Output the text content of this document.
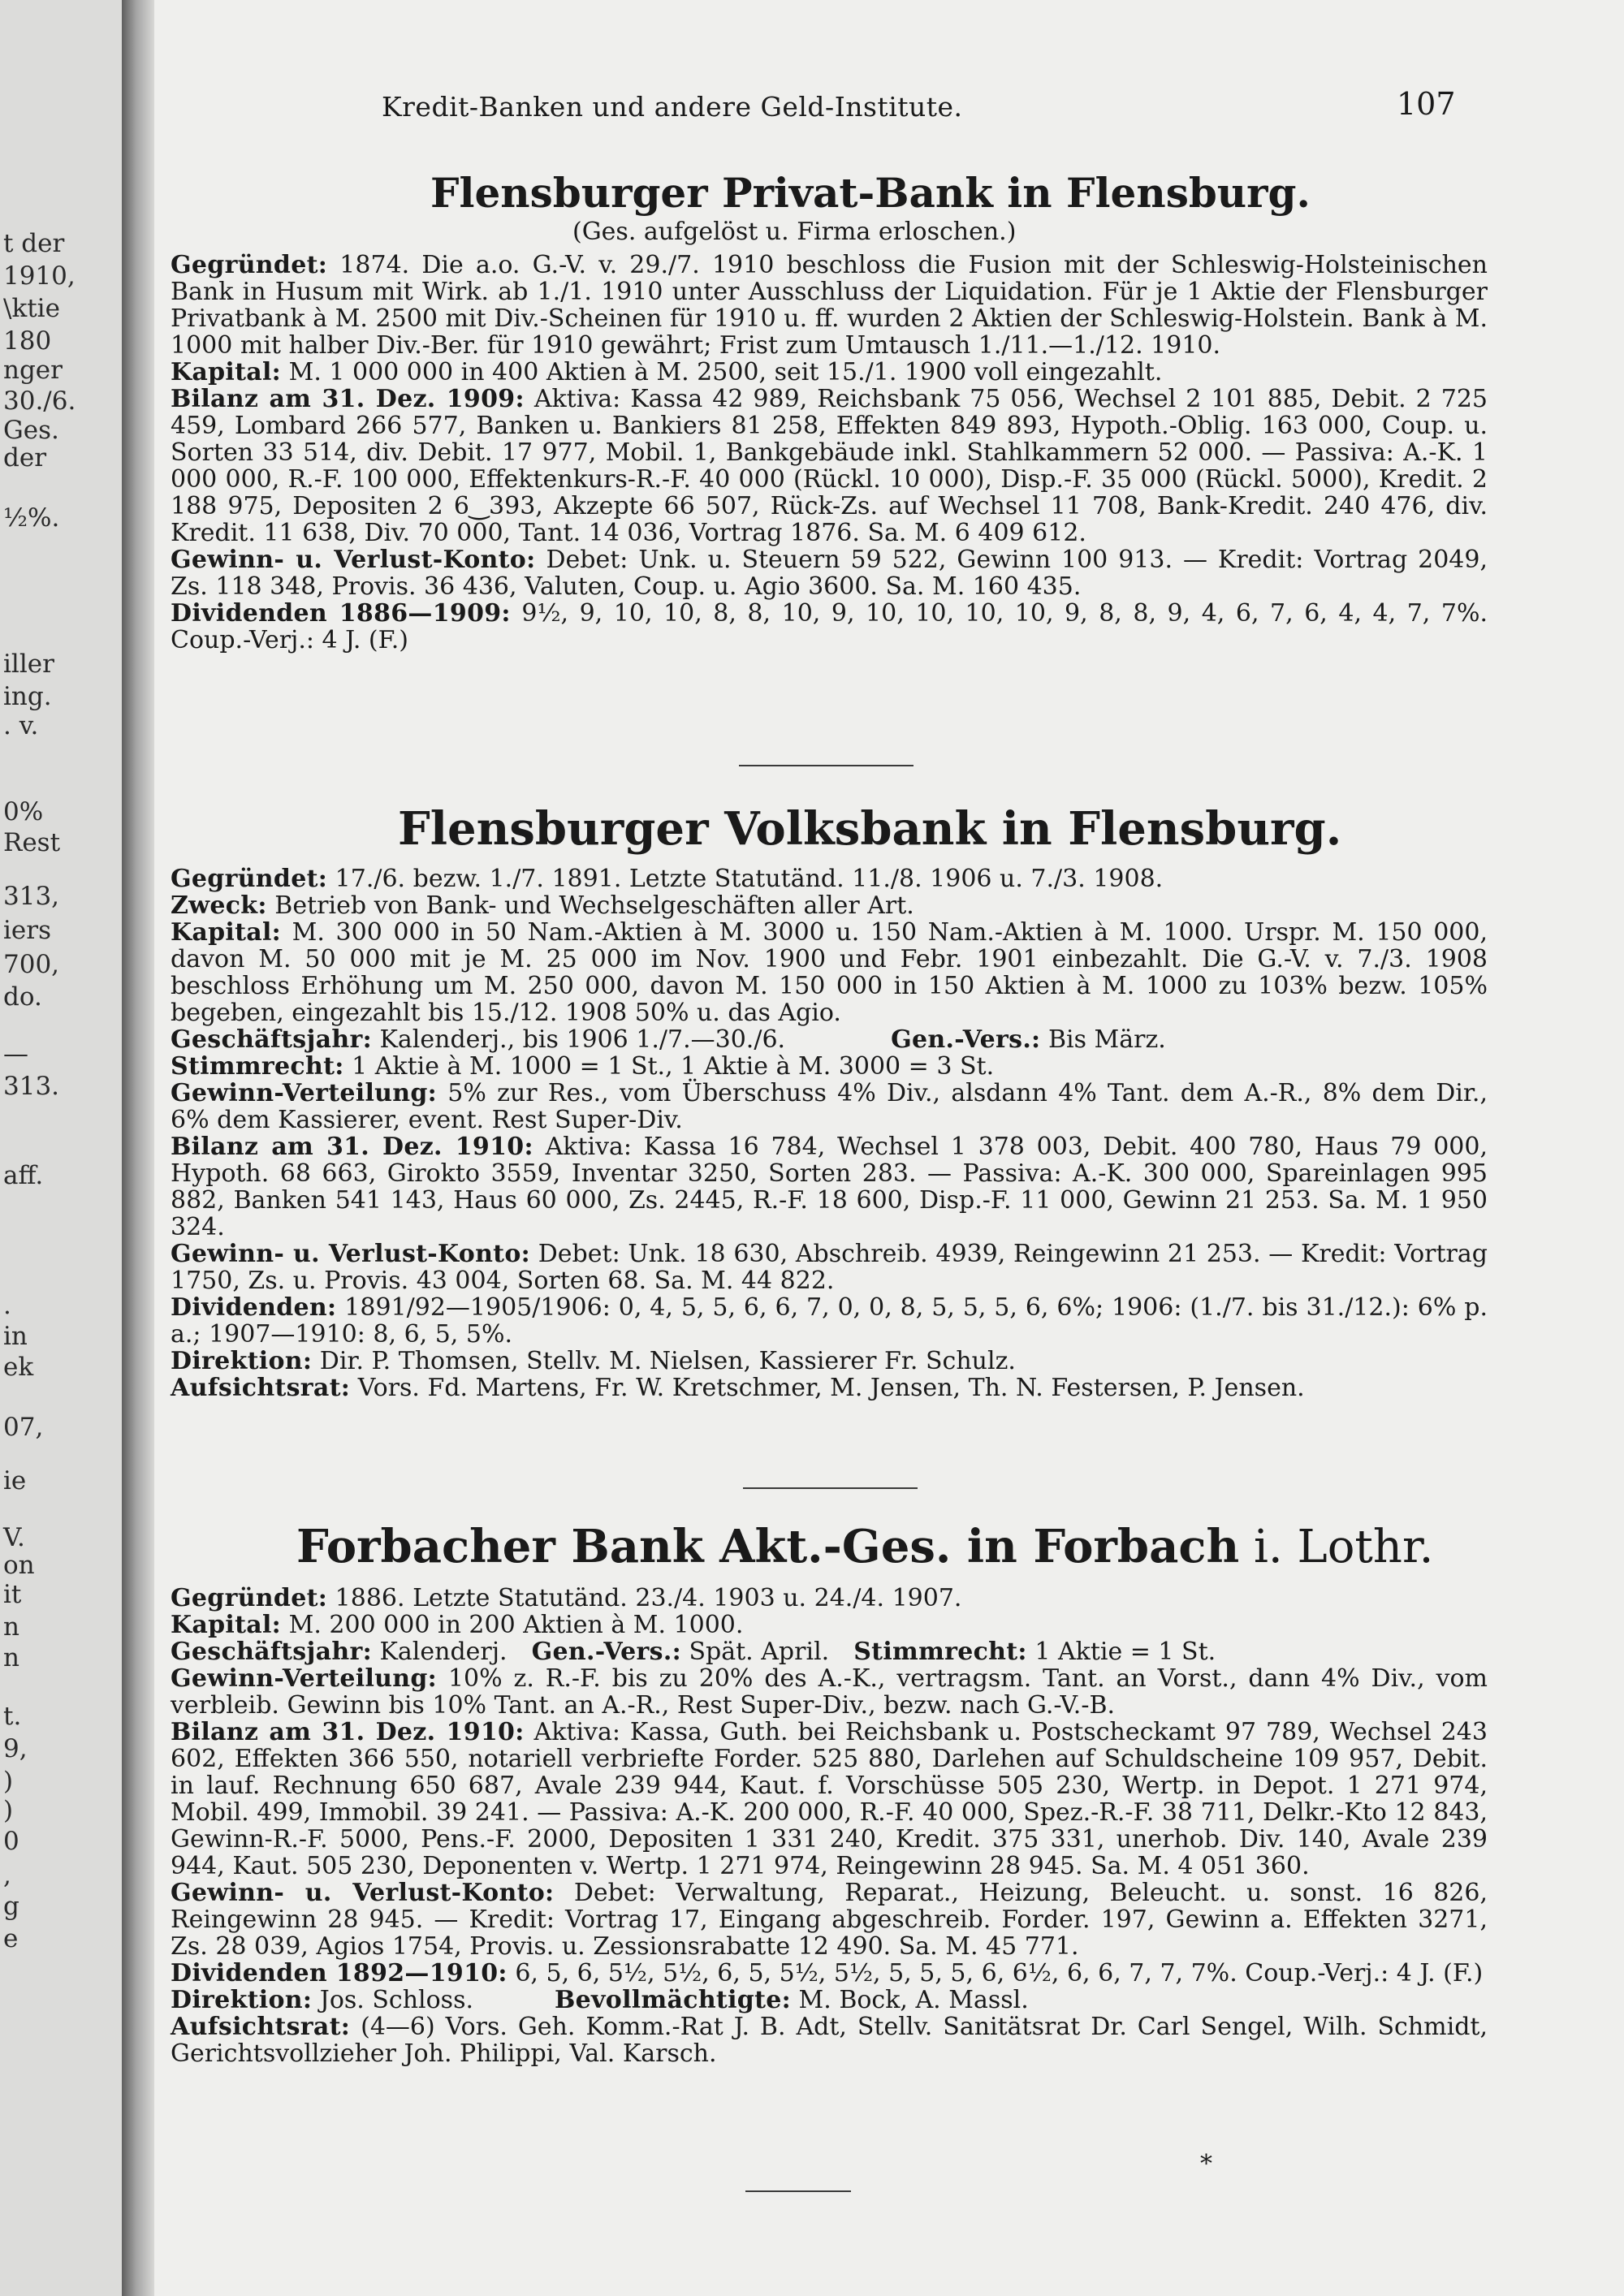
t der
1910,
\ktie
180
nger
30./6.
Ges.
der
½%.
iller
ing.
. v.
0%
Rest
313,
iers
700,
do.
—
313.
aff.
.
in
ek
07,
ie
V.
on
it
n
n
t.
9,
)
)
0
,
g
e
Kredit-Banken und andere Geld-Institute.	107
Flensburger Privat-Bank in Flensburg.
(Ges. aufgelöst u. Firma erloschen.)

Gegründet: 1874. Die a.o. G.-V. v. 29./7. 1910 beschloss die Fusion mit der Schleswig-Holsteinischen Bank in Husum mit Wirk. ab 1./1. 1910 unter Ausschluss der Liquidation. Für je 1 Aktie der Flensburger Privatbank à M. 2500 mit Div.-Scheinen für 1910 u. ff. wurden 2 Aktien der Schleswig-Holstein. Bank à M. 1000 mit halber Div.-Ber. für 1910 gewährt; Frist zum Umtausch 1./11.—1./12. 1910.

Kapital: M. 1 000 000 in 400 Aktien à M. 2500, seit 15./1. 1900 voll eingezahlt.

Bilanz am 31. Dez. 1909: Aktiva: Kassa 42 989, Reichsbank 75 056, Wechsel 2 101 885, Debit. 2 725 459, Lombard 266 577, Banken u. Bankiers 81 258, Effekten 849 893, Hypoth.-Oblig. 163 000, Coup. u. Sorten 33 514, div. Debit. 17 977, Mobil. 1, Bankgebäude inkl. Stahlkammern 52 000. — Passiva: A.-K. 1 000 000, R.-F. 100 000, Effektenkurs-R.-F. 40 000 (Rückl. 10 000), Disp.-F. 35 000 (Rückl. 5000), Kredit. 2 188 975, Depositen 2 6‿393, Akzepte 66 507, Rück-Zs. auf Wechsel 11 708, Bank-Kredit. 240 476, div. Kredit. 11 638, Div. 70 000, Tant. 14 036, Vortrag 1876. Sa. M. 6 409 612.

Gewinn- u. Verlust-Konto: Debet: Unk. u. Steuern 59 522, Gewinn 100 913. — Kredit: Vortrag 2049, Zs. 118 348, Provis. 36 436, Valuten, Coup. u. Agio 3600. Sa. M. 160 435.

Dividenden 1886—1909: 9½, 9, 10, 10, 8, 8, 10, 9, 10, 10, 10, 10, 9, 8, 8, 9, 4, 6, 7, 6, 4, 4, 7, 7%. Coup.-Verj.: 4 J. (F.)

Flensburger Volksbank in Flensburg.

Gegründet: 17./6. bezw. 1./7. 1891. Letzte Statutänd. 11./8. 1906 u. 7./3. 1908.

Zweck: Betrieb von Bank- und Wechselgeschäften aller Art.

Kapital: M. 300 000 in 50 Nam.-Aktien à M. 3000 u. 150 Nam.-Aktien à M. 1000. Urspr. M. 150 000, davon M. 50 000 mit je M. 25 000 im Nov. 1900 und Febr. 1901 einbezahlt. Die G.-V. v. 7./3. 1908 beschloss Erhöhung um M. 250 000, davon M. 150 000 in 150 Aktien à M. 1000 zu 103% bezw. 105% begeben, eingezahlt bis 15./12. 1908 50% u. das Agio.

Geschäftsjahr: Kalenderj., bis 1906 1./7.—30./6.	Gen.-Vers.: Bis März.

Stimmrecht: 1 Aktie à M. 1000 = 1 St., 1 Aktie à M. 3000 = 3 St.

Gewinn-Verteilung: 5% zur Res., vom Überschuss 4% Div., alsdann 4% Tant. dem A.-R., 8% dem Dir., 6% dem Kassierer, event. Rest Super-Div.

Bilanz am 31. Dez. 1910: Aktiva: Kassa 16 784, Wechsel 1 378 003, Debit. 400 780, Haus 79 000, Hypoth. 68 663, Girokto 3559, Inventar 3250, Sorten 283. — Passiva: A.-K. 300 000, Spareinlagen 995 882, Banken 541 143, Haus 60 000, Zs. 2445, R.-F. 18 600, Disp.-F. 11 000, Gewinn 21 253. Sa. M. 1 950 324.

Gewinn- u. Verlust-Konto: Debet: Unk. 18 630, Abschreib. 4939, Reingewinn 21 253. — Kredit: Vortrag 1750, Zs. u. Provis. 43 004, Sorten 68. Sa. M. 44 822.

Dividenden: 1891/92—1905/1906: 0, 4, 5, 5, 6, 6, 7, 0, 0, 8, 5, 5, 5, 6, 6%; 1906: (1./7. bis 31./12.): 6% p. a.; 1907—1910: 8, 6, 5, 5%.

Direktion: Dir. P. Thomsen, Stellv. M. Nielsen, Kassierer Fr. Schulz.

Aufsichtsrat: Vors. Fd. Martens, Fr. W. Kretschmer, M. Jensen, Th. N. Festersen, P. Jensen.

Forbacher Bank Akt.-Ges. in Forbach i. Lothr.

Gegründet: 1886. Letzte Statutänd. 23./4. 1903 u. 24./4. 1907.

Kapital: M. 200 000 in 200 Aktien à M. 1000.

Geschäftsjahr: Kalenderj. Gen.-Vers.: Spät. April. Stimmrecht: 1 Aktie = 1 St.

Gewinn-Verteilung: 10% z. R.-F. bis zu 20% des A.-K., vertragsm. Tant. an Vorst., dann 4% Div., vom verbleib. Gewinn bis 10% Tant. an A.-R., Rest Super-Div., bezw. nach G.-V.-B.

Bilanz am 31. Dez. 1910: Aktiva: Kassa, Guth. bei Reichsbank u. Postscheckamt 97 789, Wechsel 243 602, Effekten 366 550, notariell verbriefte Forder. 525 880, Darlehen auf Schuldscheine 109 957, Debit. in lauf. Rechnung 650 687, Avale 239 944, Kaut. f. Vorschüsse 505 230, Wertp. in Depot. 1 271 974, Mobil. 499, Immobil. 39 241. — Passiva: A.-K. 200 000, R.-F. 40 000, Spez.-R.-F. 38 711, Delkr.-Kto 12 843, Gewinn-R.-F. 5000, Pens.-F. 2000, Depositen 1 331 240, Kredit. 375 331, unerhob. Div. 140, Avale 239 944, Kaut. 505 230, Deponenten v. Wertp. 1 271 974, Reingewinn 28 945. Sa. M. 4 051 360.

Gewinn- u. Verlust-Konto: Debet: Verwaltung, Reparat., Heizung, Beleucht. u. sonst. 16 826, Reingewinn 28 945. — Kredit: Vortrag 17, Eingang abgeschreib. Forder. 197, Gewinn a. Effekten 3271, Zs. 28 039, Agios 1754, Provis. u. Zessionsrabatte 12 490. Sa. M. 45 771.

Dividenden 1892—1910: 6, 5, 6, 5½, 5½, 6, 5, 5½, 5½, 5, 5, 5, 6, 6½, 6, 6, 7, 7, 7%. Coup.-Verj.: 4 J. (F.)

Direktion: Jos. Schloss.	Bevollmächtigte: M. Bock, A. Massl.

Aufsichtsrat: (4—6) Vors. Geh. Komm.-Rat J. B. Adt, Stellv. Sanitätsrat Dr. Carl Sengel, Wilh. Schmidt, Gerichtsvollzieher Joh. Philippi, Val. Karsch.

*
